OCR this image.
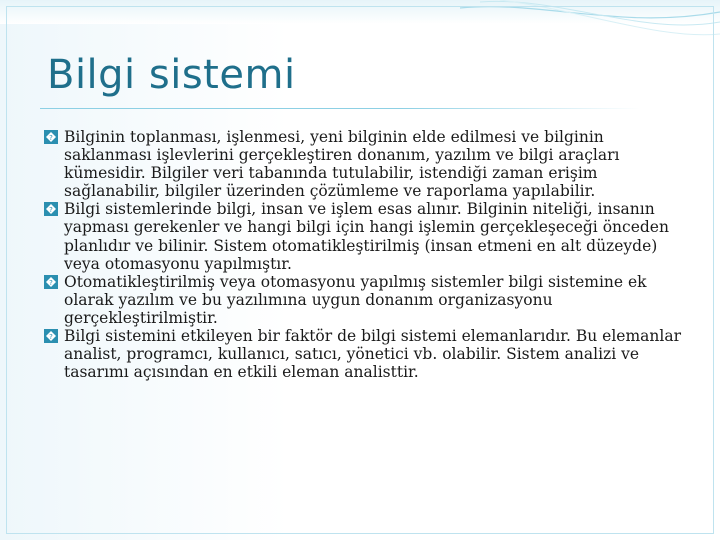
Bilgi sistemi

? Bilginin toplanması, işlenmesi, yeni bilginin elde edilmesi ve bilginin saklanması işlevlerini gerçekleştiren donanım, yazılım ve bilgi araçları kümesidir. Bilgiler veri tabanında tutulabilir, istendiği zaman erişim sağlanabilir, bilgiler üzerinden çözümleme ve raporlama yapılabilir.

? Bilgi sistemlerinde bilgi, insan ve işlem esas alınır. Bilginin niteliği, insanın yapması gerekenler ve hangi bilgi için hangi işlemin gerçekleşeceği önceden planlıdır ve bilinir. Sistem otomatikleştirilmiş (insan etmeni en alt düzeyde) veya otomasyonu yapılmıştır.

? Otomatikleştirilmiş veya otomasyonu yapılmış sistemler bilgi sistemine ek olarak yazılım ve bu yazılımına uygun donanım organizasyonu gerçekleştirilmiştir.

? Bilgi sistemini etkileyen bir faktör de bilgi sistemi elemanlarıdır. Bu elemanlar analist, programcı, kullanıcı, satıcı, yönetici vb. olabilir. Sistem analizi ve tasarımı açısından en etkili eleman analisttir.
